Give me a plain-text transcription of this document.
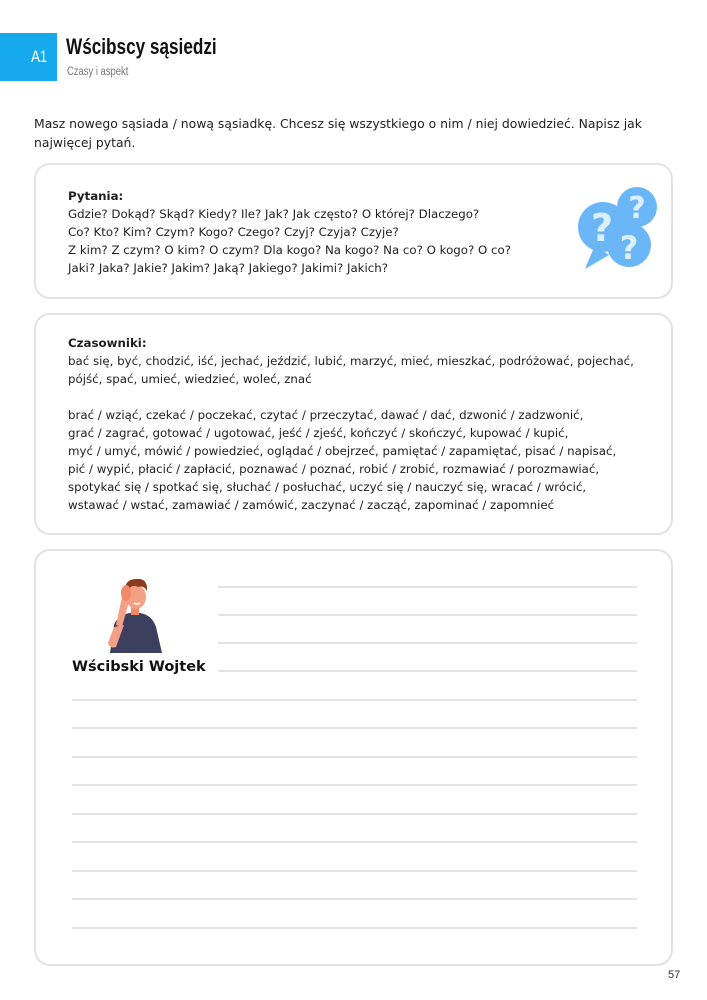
A1 Wścibscy sąsiedzi
Czasy i aspekt
Masz nowego sąsiada / nową sąsiadkę. Chcesz się wszystkiego o nim / niej dowiedzieć. Napisz jak najwięcej pytań.
Pytania:
Gdzie? Dokąd? Skąd? Kiedy? Ile? Jak? Jak często? O której? Dlaczego?
Co? Kto? Kim? Czym? Kogo? Czego? Czyj? Czyja? Czyje?
Z kim? Z czym? O kim? O czym? Dla kogo? Na kogo? Na co? O kogo? O co?
Jaki? Jaka? Jakie? Jakim? Jaką? Jakiego? Jakimi? Jakich?
?
? ?
Czasowniki:
bać się, być, chodzić, iść, jechać, jeździć, lubić, marzyć, mieć, mieszkać, podróżować, pojechać,
pójść, spać, umieć, wiedzieć, woleć, znać
brać / wziąć, czekać / poczekać, czytać / przeczytać, dawać / dać, dzwonić / zadzwonić,
grać / zagrać, gotować / ugotować, jeść / zjeść, kończyć / skończyć, kupować / kupić,
myć / umyć, mówić / powiedzieć, oglądać / obejrzeć, pamiętać / zapamiętać, pisać / napisać,
pić / wypić, płacić / zapłacić, poznawać / poznać, robić / zrobić, rozmawiać / porozmawiać,
spotykać się / spotkać się, słuchać / posłuchać, uczyć się / nauczyć się, wracać / wrócić,
wstawać / wstać, zamawiać / zamówić, zaczynać / zacząć, zapominać / zapomnieć
Wścibski Wojtek
57
